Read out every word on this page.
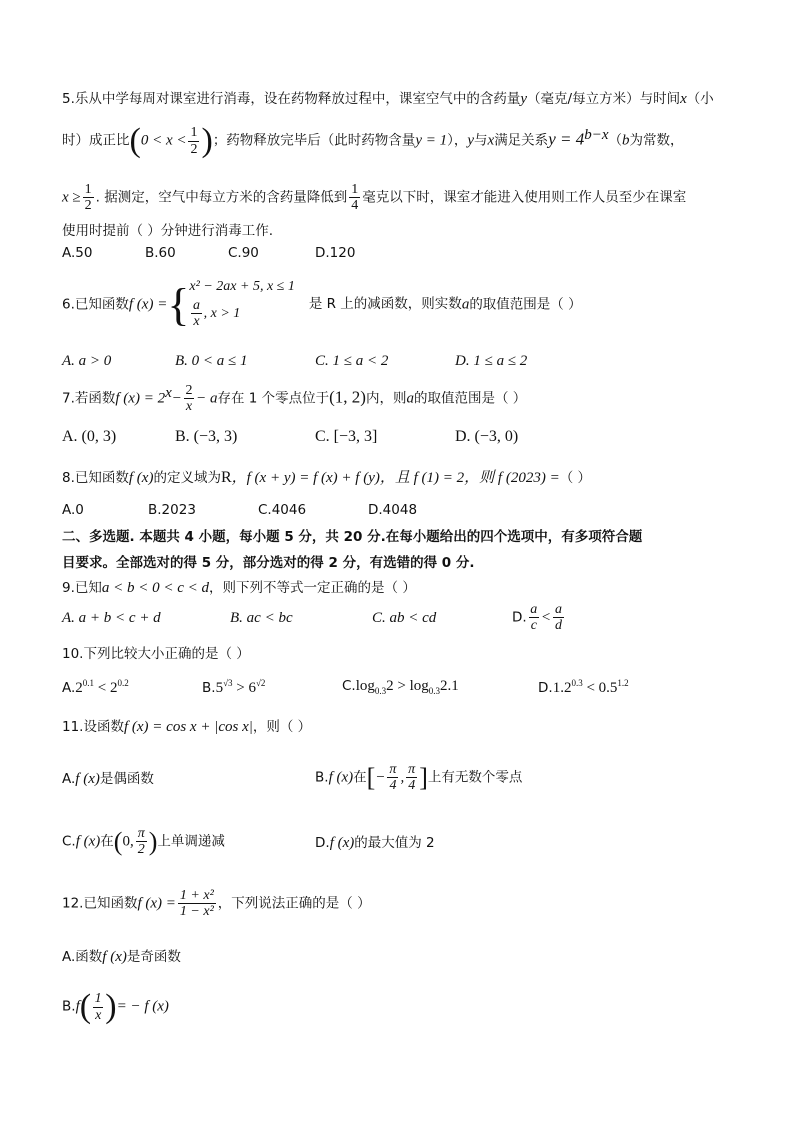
5.乐从中学每周对课室进行消毒，设在药物释放过程中，课室空气中的含药量y（毫克/每立方米）与时间x（小
时）成正比($0 < x < \frac{1}{2}$ )；药物释放完毕后（此时药物含量y = 1），y与x满足关系$y = 4^{b-x}(b$为常数，
$x \ge \frac{1}{2}$ . 据测定，空气中每立方米的含药量降低到 $\frac{1}{4}$ 毫克以下时，课室才能进入使用则工作人员至少在课室
使用时提前（ ）分钟进行消毒工作.
A.50	B.60	C.90	D.120
6.已知函数f (x) ={ x² − 2ax + 5, x ≤ 1
$\frac{a}{x}$ , x > 1
是 R 上的减函数，则实数a的取值范围是（ ）
A. a > 0	B. 0 < a ≤ 1	C. 1 ≤ a < 2	D. 1 ≤ a ≤ 2
7.若函数f $(x) = 2^x- \frac{2}{x} - a$存在 1 个零点位于(1, 2)内，则a的取值范围是（ ）
A. (0, 3)	B. (−3, 3)	C. [−3, 3]	D. (−3, 0)
8.已知函数f (x)的定义域为R，f (x + y) = f (x) + f (y)，且 f (1) = 2，则 f (2023) =（ ）
A.0	B.2023	C.4046	D.4048
二、多选题. 本题共 4 小题，每小题 5 分，共 20 分.在每小题给出的四个选项中，有多项符合题
目要求。全部选对的得 5 分，部分选对的得 2 分，有选错的得 0 分.
9.已知a < b < 0 < c < d，则下列不等式一定正确的是（ ）
A. a + b < c + d	B. ac < bc	C. ab < cd	D. $\frac{a}{c} < \frac{a}{d}$
10.下列比较大小正确的是（ ）
$A.2^{0.1} < 2^{0.2}$	$B.5^{√3} > 6^{√2}$	$C.\log_{0.3}2 > \log_{0.3}2.1$	$D.1.2^{0.3} < 0.5^{1.2}$
11.设函数f (x) = cos x + |cos x|，则（ ）
A.f (x)是偶函数	B.f (x)在[− $\frac{\pi}{4}$ , $\frac{\pi}{4}$ ]上有无数个零点
C.f (x)在(0, $\frac{\pi}{2}$ )上单调递减	D.f (x)的最大值为 2
12.已知函数f $(x) = \frac{\text{1 + x²}}{\text{1 − x²}}$ ，下列说法正确的是（ ）
A.函数f (x)是奇函数
$B.f( \frac{1}{x}$ )= − f (x)
